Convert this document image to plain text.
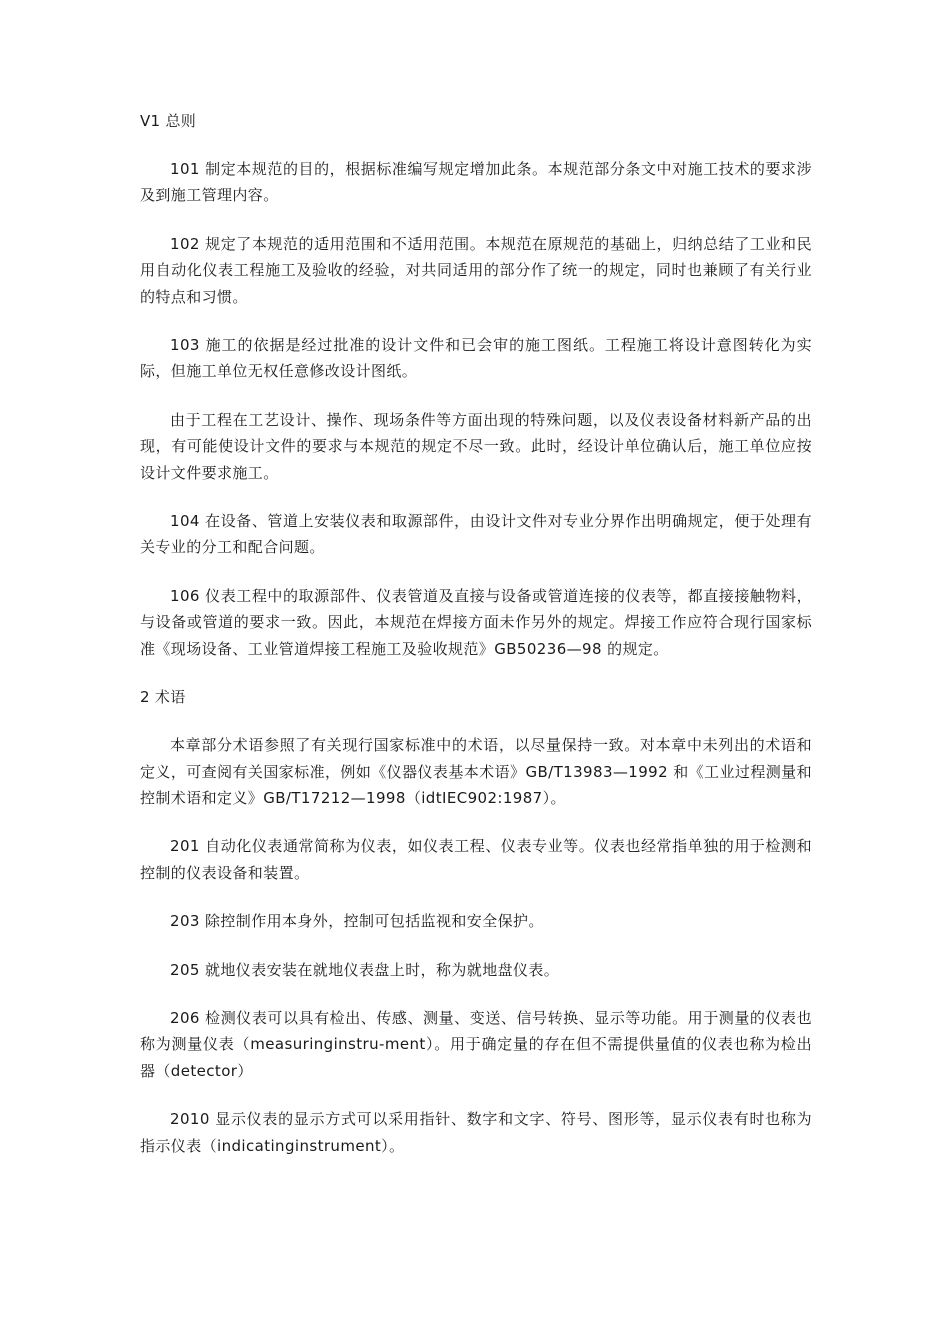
V1 总则

101 制定本规范的目的，根据标准编写规定增加此条。本规范部分条文中对施工技术的要求涉及到施工管理内容。

102 规定了本规范的适用范围和不适用范围。本规范在原规范的基础上，归纳总结了工业和民用自动化仪表工程施工及验收的经验，对共同适用的部分作了统一的规定，同时也兼顾了有关行业的特点和习惯。

103 施工的依据是经过批准的设计文件和已会审的施工图纸。工程施工将设计意图转化为实际，但施工单位无权任意修改设计图纸。

由于工程在工艺设计、操作、现场条件等方面出现的特殊问题，以及仪表设备材料新产品的出现，有可能使设计文件的要求与本规范的规定不尽一致。此时，经设计单位确认后，施工单位应按设计文件要求施工。

104 在设备、管道上安装仪表和取源部件，由设计文件对专业分界作出明确规定，便于处理有关专业的分工和配合问题。

106 仪表工程中的取源部件、仪表管道及直接与设备或管道连接的仪表等，都直接接触物料，与设备或管道的要求一致。因此，本规范在焊接方面未作另外的规定。焊接工作应符合现行国家标准《现场设备、工业管道焊接工程施工及验收规范》GB50236—98 的规定。

2 术语

本章部分术语参照了有关现行国家标准中的术语，以尽量保持一致。对本章中未列出的术语和定义，可查阅有关国家标准，例如《仪器仪表基本术语》GB/T13983—1992 和《工业过程测量和控制术语和定义》GB/T17212—1998（idtIEC902:1987）。

201 自动化仪表通常简称为仪表，如仪表工程、仪表专业等。仪表也经常指单独的用于检测和控制的仪表设备和装置。

203 除控制作用本身外，控制可包括监视和安全保护。

205 就地仪表安装在就地仪表盘上时，称为就地盘仪表。

206 检测仪表可以具有检出、传感、测量、变送、信号转换、显示等功能。用于测量的仪表也称为测量仪表（measuringinstru-ment）。用于确定量的存在但不需提供量值的仪表也称为检出器（detector）

2010 显示仪表的显示方式可以采用指针、数字和文字、符号、图形等，显示仪表有时也称为指示仪表（indicatinginstrument）。
